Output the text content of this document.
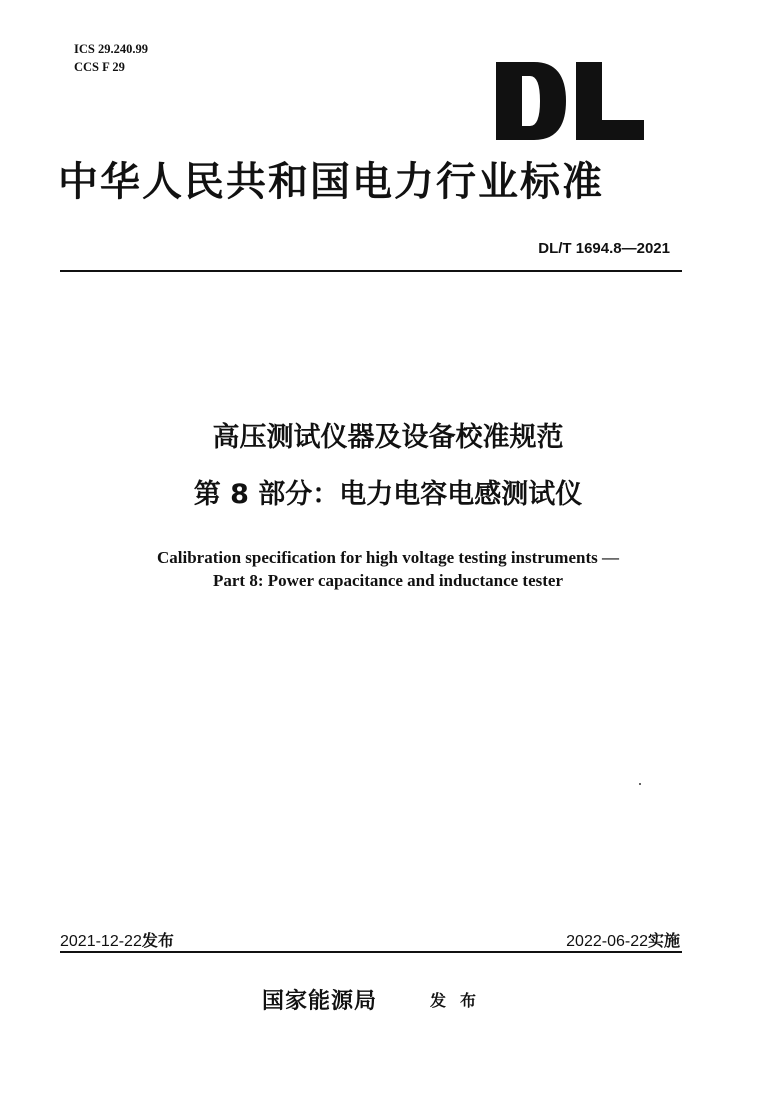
ICS 29.240.99
CCS F 29
中华人民共和国电力行业标准
DL/T 1694.8—2021
高压测试仪器及设备校准规范
第 8 部分：电力电容电感测试仪
Calibration specification for high voltage testing instruments —
Part 8: Power capacitance and inductance tester
2021-12-22发布	2022-06-22实施
国家能源局	发布
